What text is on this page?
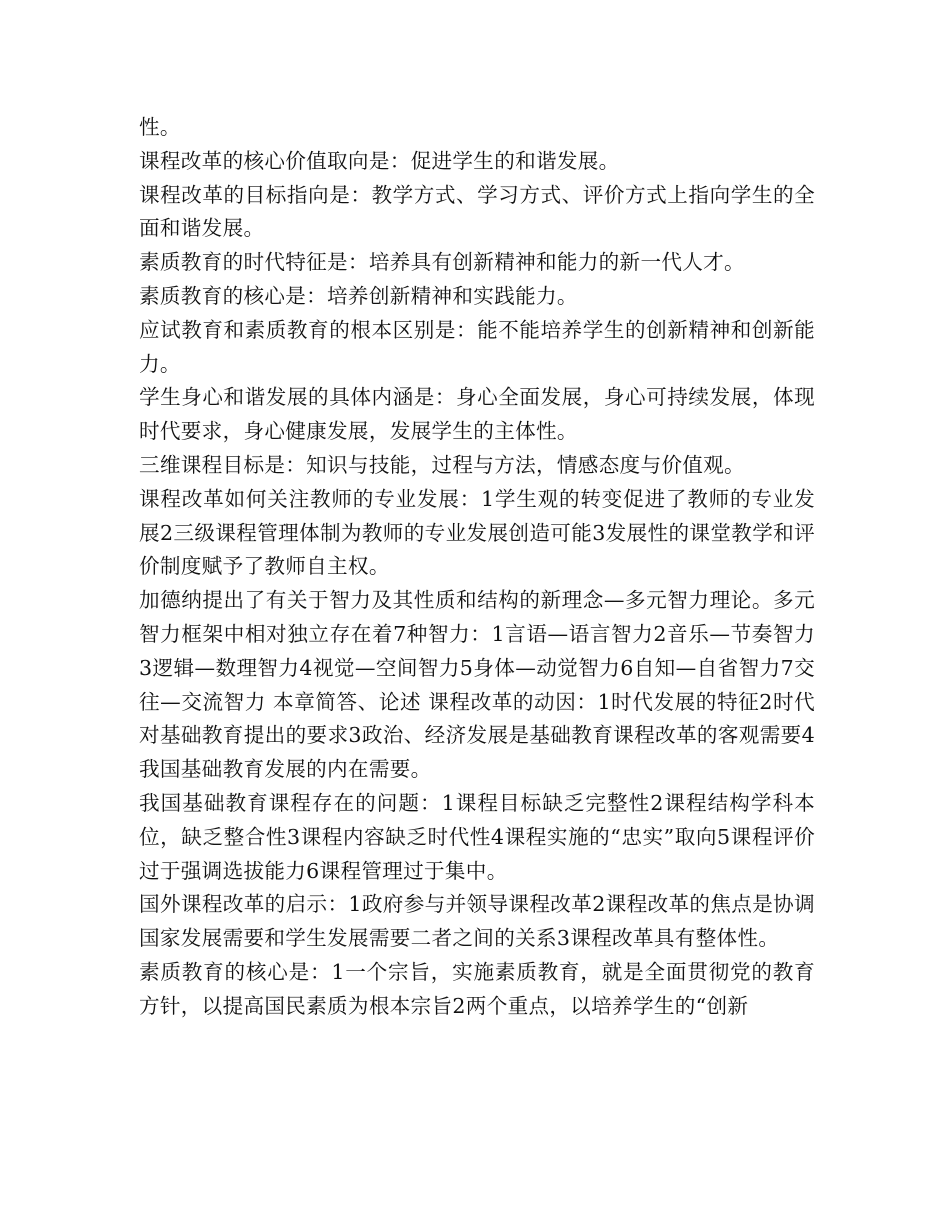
性。

课程改革的核心价值取向是：促进学生的和谐发展。

课程改革的目标指向是：教学方式、学习方式、评价方式上指向学生的全面和谐发展。

素质教育的时代特征是：培养具有创新精神和能力的新一代人才。

素质教育的核心是：培养创新精神和实践能力。

应试教育和素质教育的根本区别是：能不能培养学生的创新精神和创新能力。

学生身心和谐发展的具体内涵是：身心全面发展，身心可持续发展，体现时代要求，身心健康发展，发展学生的主体性。

三维课程目标是：知识与技能，过程与方法，情感态度与价值观。

课程改革如何关注教师的专业发展：1学生观的转变促进了教师的专业发展2三级课程管理体制为教师的专业发展创造可能3发展性的课堂教学和评价制度赋予了教师自主权。

加德纳提出了有关于智力及其性质和结构的新理念—多元智力理论。多元智力框架中相对独立存在着7种智力：1言语—语言智力2音乐—节奏智力3逻辑—数理智力4视觉—空间智力5身体—动觉智力6自知—自省智力7交往—交流智力 本章简答、论述 课程改革的动因：1时代发展的特征2时代对基础教育提出的要求3政治、经济发展是基础教育课程改革的客观需要4我国基础教育发展的内在需要。

我国基础教育课程存在的问题：1课程目标缺乏完整性2课程结构学科本位，缺乏整合性3课程内容缺乏时代性4课程实施的“忠实”取向5课程评价过于强调选拔能力6课程管理过于集中。

国外课程改革的启示：1政府参与并领导课程改革2课程改革的焦点是协调国家发展需要和学生发展需要二者之间的关系3课程改革具有整体性。

素质教育的核心是：1一个宗旨，实施素质教育，就是全面贯彻党的教育方针，以提高国民素质为根本宗旨2两个重点，以培养学生的“创新
